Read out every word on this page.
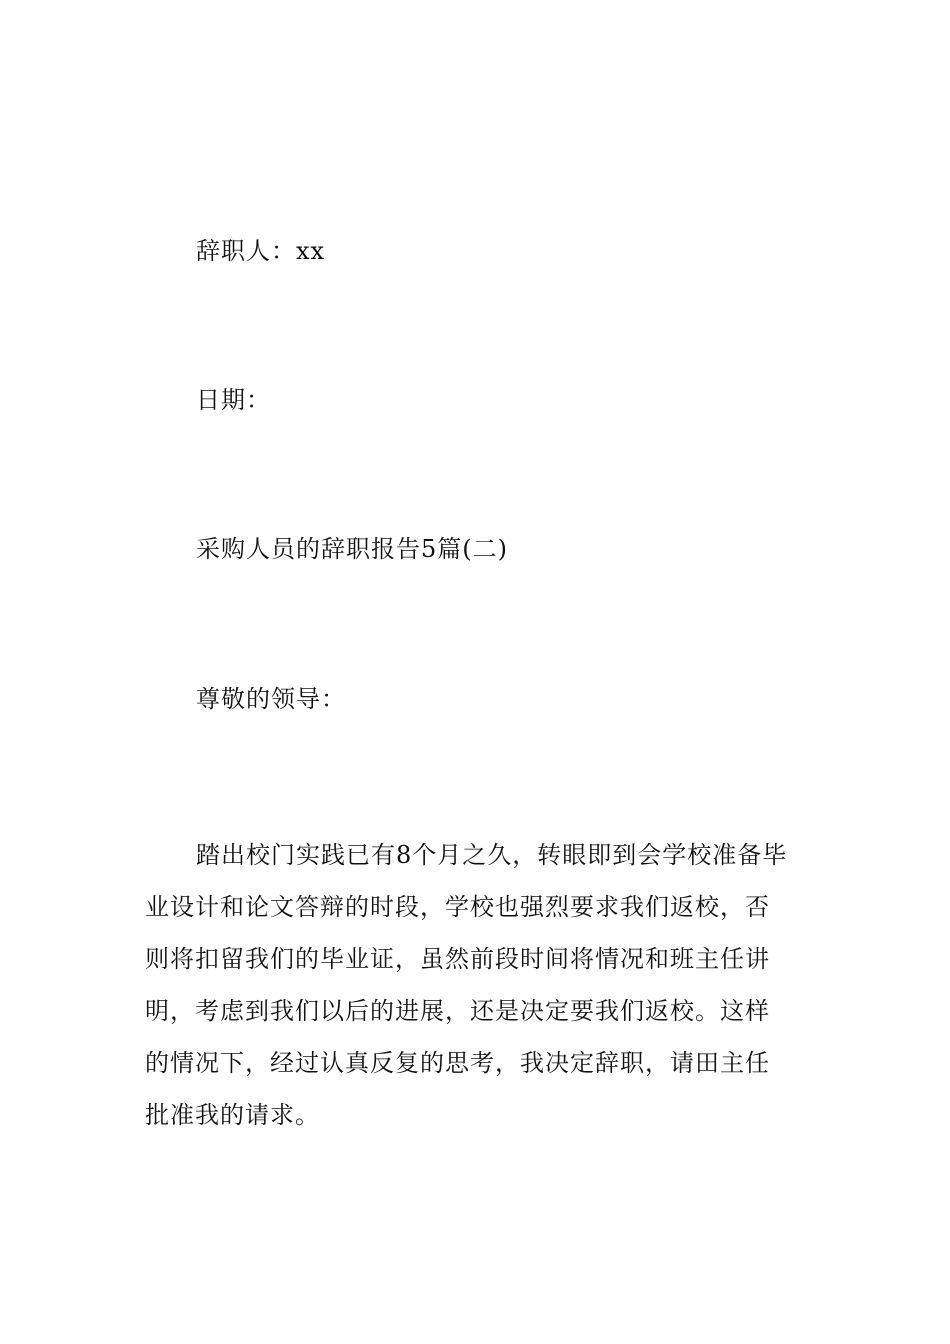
辞职人：xx
日期：
采购人员的辞职报告5篇(二)
尊敬的领导：
踏出校门实践已有8个月之久，转眼即到会学校准备毕
业设计和论文答辩的时段，学校也强烈要求我们返校，否
则将扣留我们的毕业证，虽然前段时间将情况和班主任讲
明，考虑到我们以后的进展，还是决定要我们返校。这样
的情况下，经过认真反复的思考，我决定辞职，请田主任
批准我的请求。
